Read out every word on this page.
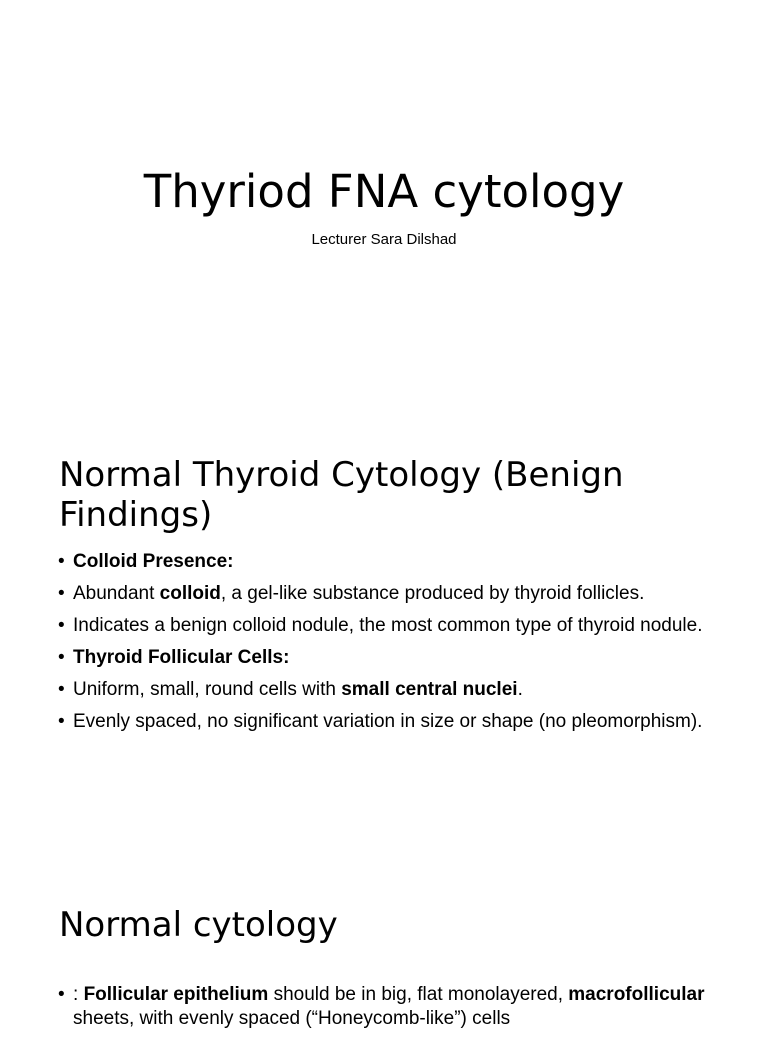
Thyriod FNA cytology

Lecturer Sara Dilshad

Normal Thyroid Cytology (Benign
Findings)
• Colloid Presence:
• Abundant colloid, a gel-like substance produced by thyroid follicles.
• Indicates a benign colloid nodule, the most common type of thyroid nodule.
• Thyroid Follicular Cells:
• Uniform, small, round cells with small central nuclei.
• Evenly spaced, no significant variation in size or shape (no pleomorphism).
Normal cytology
• : Follicular epithelium should be in big, flat monolayered, macrofollicular sheets, with evenly spaced (“Honeycomb-like”) cells
